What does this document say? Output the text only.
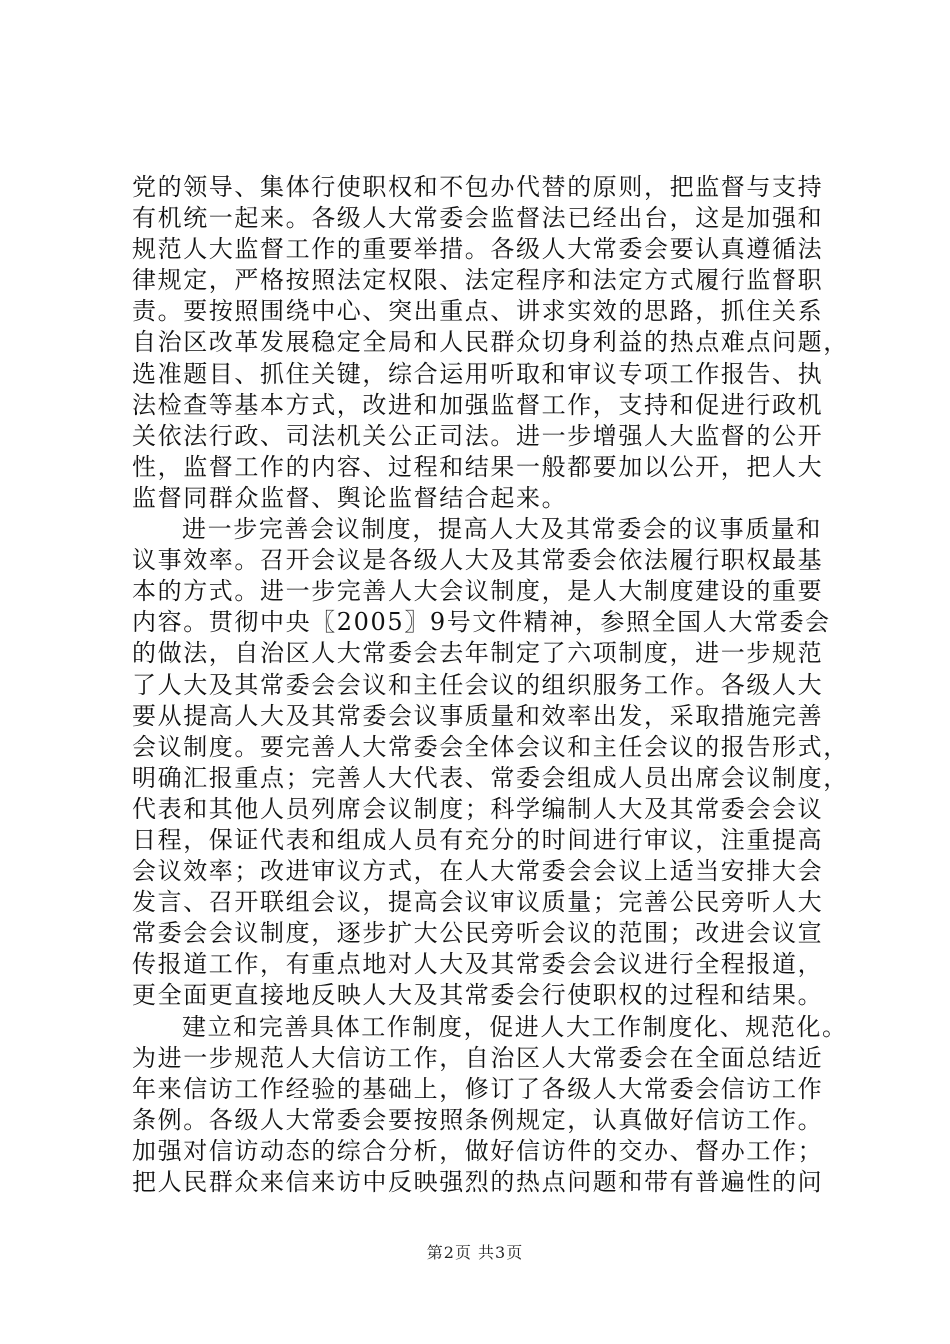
党的领导、集体行使职权和不包办代替的原则，把监督与支持
有机统一起来。各级人大常委会监督法已经出台，这是加强和
规范人大监督工作的重要举措。各级人大常委会要认真遵循法
律规定，严格按照法定权限、法定程序和法定方式履行监督职
责。要按照围绕中心、突出重点、讲求实效的思路，抓住关系
自治区改革发展稳定全局和人民群众切身利益的热点难点问题，
选准题目、抓住关键，综合运用听取和审议专项工作报告、执
法检查等基本方式，改进和加强监督工作，支持和促进行政机
关依法行政、司法机关公正司法。进一步增强人大监督的公开
性，监督工作的内容、过程和结果一般都要加以公开，把人大
监督同群众监督、舆论监督结合起来。
进一步完善会议制度，提高人大及其常委会的议事质量和
议事效率。召开会议是各级人大及其常委会依法履行职权最基
本的方式。进一步完善人大会议制度，是人大制度建设的重要
内容。贯彻中央〖2005〗9号文件精神，参照全国人大常委会
的做法，自治区人大常委会去年制定了六项制度，进一步规范
了人大及其常委会会议和主任会议的组织服务工作。各级人大
要从提高人大及其常委会议事质量和效率出发，采取措施完善
会议制度。要完善人大常委会全体会议和主任会议的报告形式，
明确汇报重点；完善人大代表、常委会组成人员出席会议制度，
代表和其他人员列席会议制度；科学编制人大及其常委会会议
日程，保证代表和组成人员有充分的时间进行审议，注重提高
会议效率；改进审议方式，在人大常委会会议上适当安排大会
发言、召开联组会议，提高会议审议质量；完善公民旁听人大
常委会会议制度，逐步扩大公民旁听会议的范围；改进会议宣
传报道工作，有重点地对人大及其常委会会议进行全程报道，
更全面更直接地反映人大及其常委会行使职权的过程和结果。
建立和完善具体工作制度，促进人大工作制度化、规范化。
为进一步规范人大信访工作，自治区人大常委会在全面总结近
年来信访工作经验的基础上，修订了各级人大常委会信访工作
条例。各级人大常委会要按照条例规定，认真做好信访工作。
加强对信访动态的综合分析，做好信访件的交办、督办工作；
把人民群众来信来访中反映强烈的热点问题和带有普遍性的问
第2页 共3页
